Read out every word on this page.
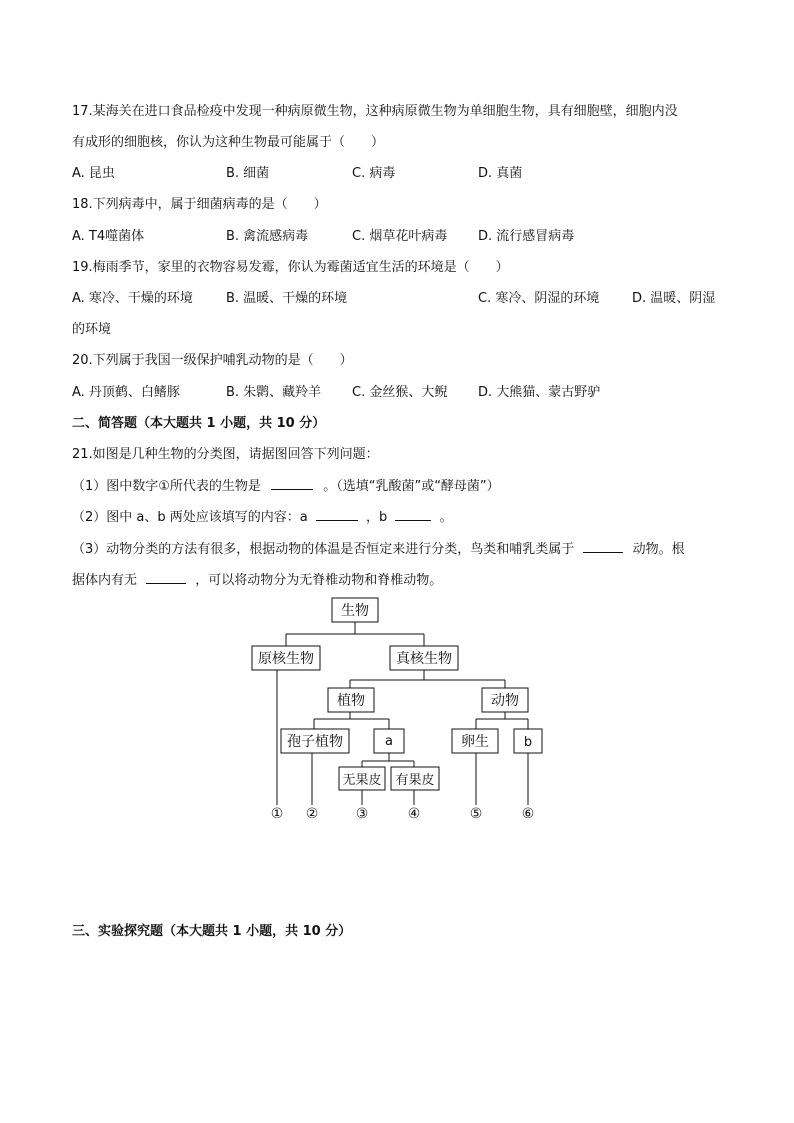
17.某海关在进口食品检疫中发现一种病原微生物，这种病原微生物为单细胞生物，具有细胞壁，细胞内没
有成形的细胞核，你认为这种生物最可能属于（　　）
A. 昆虫	B. 细菌	C. 病毒	D. 真菌
18.下列病毒中，属于细菌病毒的是（　　）
A. T4噬菌体	B. 禽流感病毒	C. 烟草花叶病毒 D. 流行感冒病毒
19.梅雨季节，家里的衣物容易发霉，你认为霉菌适宜生活的环境是（　　）
A. 寒冷、干燥的环境	B. 温暖、干燥的环境	C. 寒冷、阴湿的环境	D. 温暖、阴湿
的环境
20.下列属于我国一级保护哺乳动物的是（　　）
A. 丹顶鹤、白鳍豚	B. 朱鹮、藏羚羊 C. 金丝猴、大鲵 D. 大熊猫、蒙古野驴
二、简答题（本大题共 1 小题，共 10 分）
21.如图是几种生物的分类图，请据图回答下列问题：
（1）图中数字①所代表的生物是	。（选填“乳酸菌”或“酵母菌”）
（2）图中 a、b 两处应该填写的内容：a	，b	。
（3）动物分类的方法有很多，根据动物的体温是否恒定来进行分类，鸟类和哺乳类属于	动物。根
据体内有无	，可以将动物分为无脊椎动物和脊椎动物。
生物
原核生物	真核生物
植物	动物
孢子植物	a	卵生	b
无果皮 有果皮
① ②	③	④	⑤	⑥
三、实验探究题（本大题共 1 小题，共 10 分）
